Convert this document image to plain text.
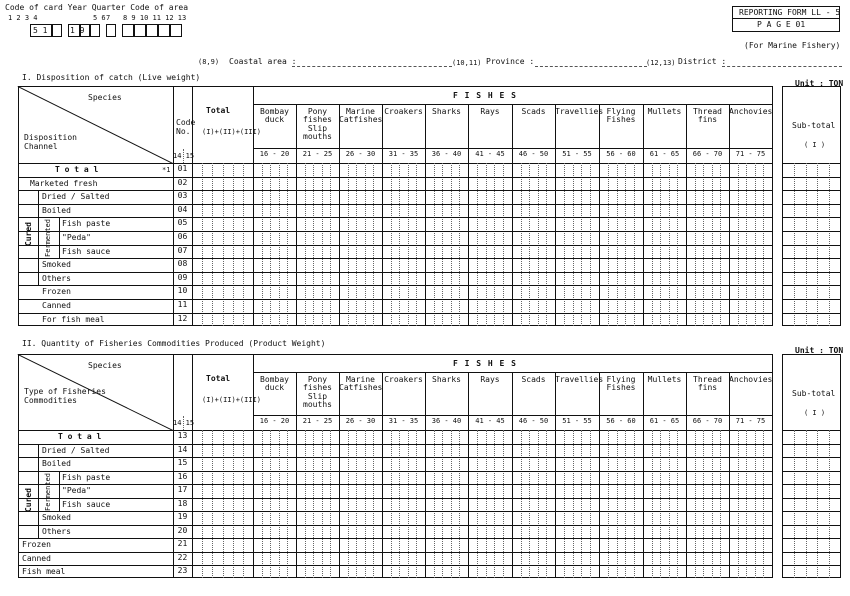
Code of card Year Quarter Code of area
1 2 3 4	5 6 7 8 9 10 11 12 13
5 1	1 9
REPORTING FORM LL - 5
P A G E 01
(For Marine Fishery)
(8,9) Coastal area :	(10,11) Province :	(12,13) District :
I. Disposition of catch (Live weight)
Unit : TON
II. Quantity of Fisheries Commodities Produced (Product Weight)
Unit : TON
F I S H E S
Bombay duck
16 - 20
Pony fishes Slip mouths
21 - 25
Marine Catfishes
26 - 30
Croakers
31 - 35
Sharks
36 - 40
Rays
41 - 45
Scads
46 - 50
Travellies
51 - 55
Flying Fishes
56 - 60
Mullets
61 - 65
Thread fins
66 - 70
Anchovies
71 - 75
Total
(I)+(II)+(III)
Sub-total
( I )
14 15
Species
T o t a l	01
Marketed fresh	02
Dried / Salted	03
Boiled	04
Fish paste	05
"Peda"	06
Fish sauce	07
Smoked	08
Others	09
Frozen	10
Canned	11
For fish meal	12
Disposition Channel
Code No.
*1
Cured Fermented
F I S H E S
Bombay duck
16 - 20
Pony fishes Slip mouths
21 - 25
Marine Catfishes
26 - 30
Croakers
31 - 35
Sharks
36 - 40
Rays
41 - 45
Scads
46 - 50
Travellies
51 - 55
Flying Fishes
56 - 60
Mullets
61 - 65
Thread fins
66 - 70
Anchovies
71 - 75
Total
(I)+(II)+(III)
Sub-total
( I )
14 15
Species
T o t a l	13
Dried / Salted	14
Boiled	15
Fish paste	16
"Peda"	17
Fish sauce	18
Smoked	19
Others	20
Frozen	21
Canned	22
Fish meal	23
Type of Fisheries Commodities
Cured Fermented
